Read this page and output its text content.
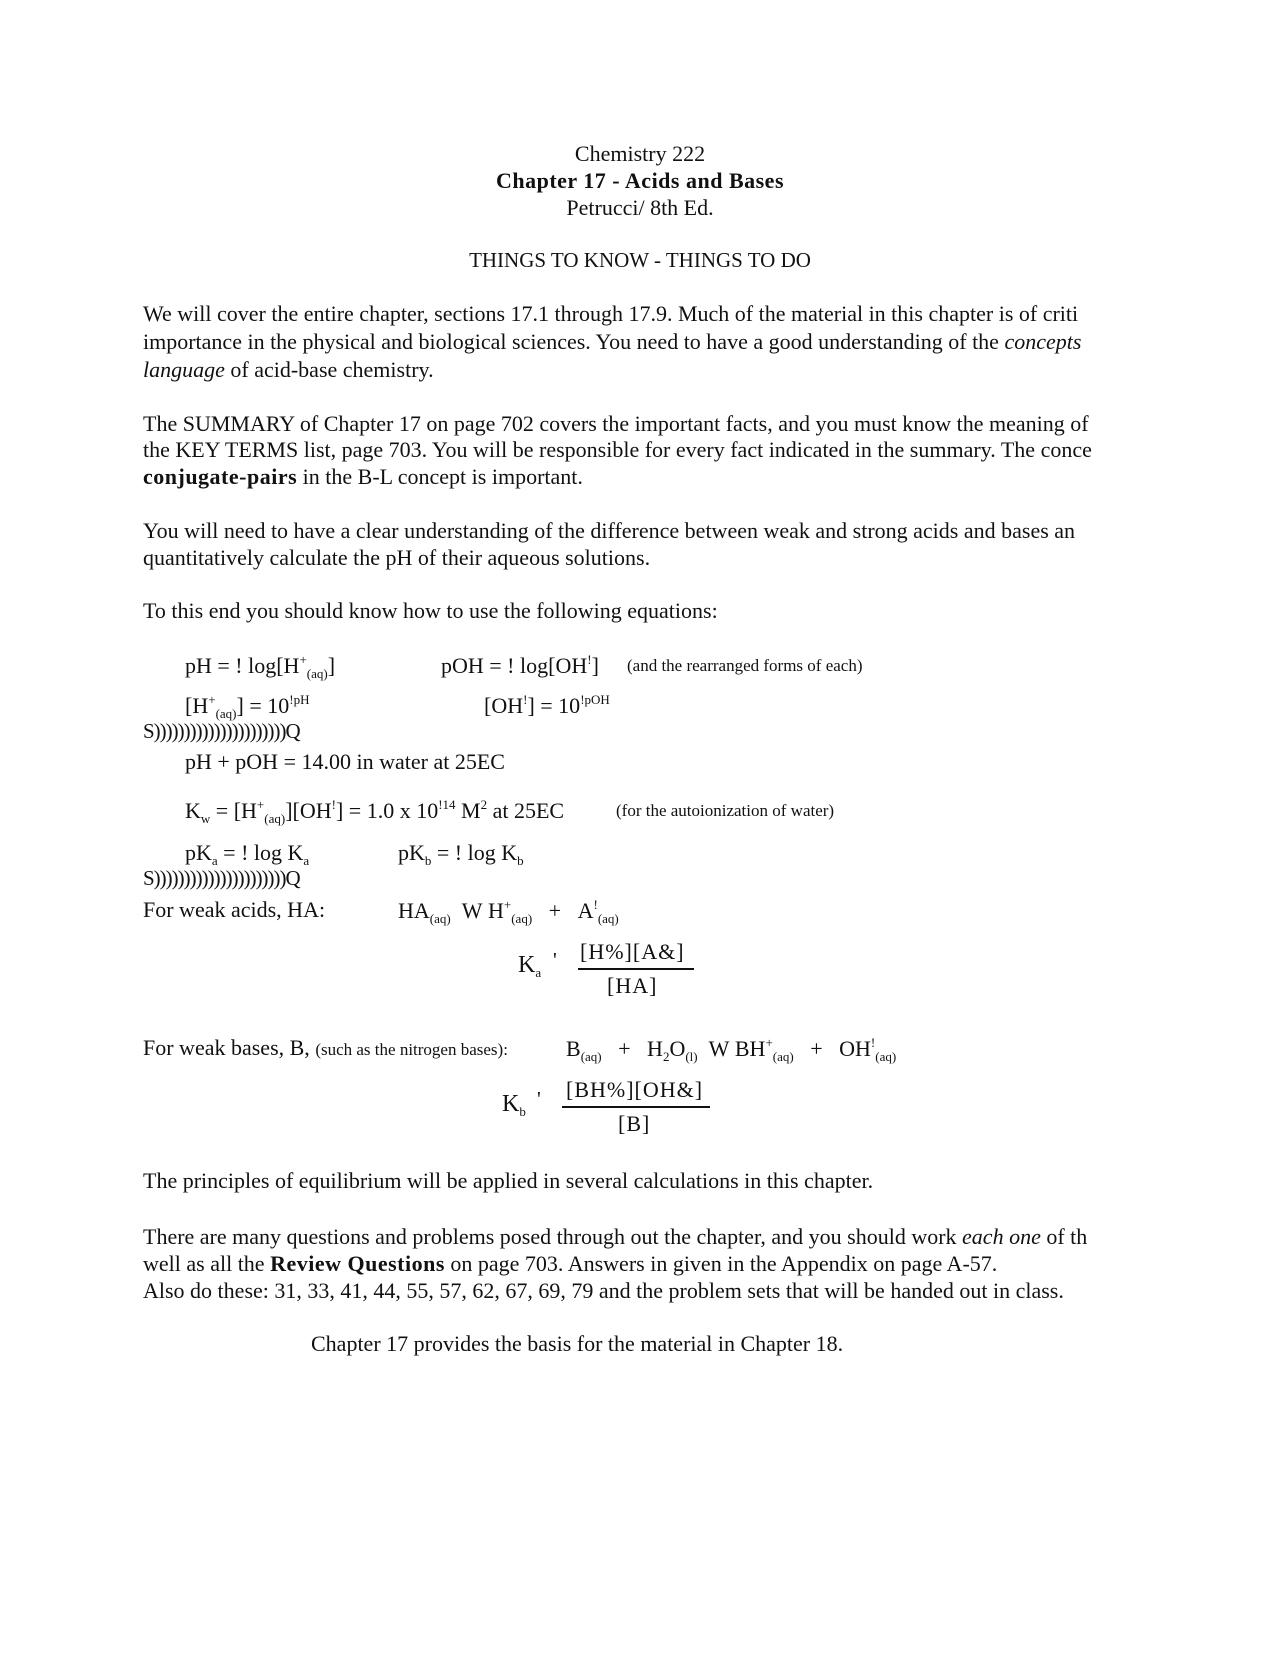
Chemistry 222
Chapter 17 - Acids and Bases
Petrucci/ 8th Ed.
THINGS TO KNOW - THINGS TO DO
We will cover the entire chapter, sections 17.1 through 17.9. Much of the material in this chapter is of criti
importance in the physical and biological sciences. You need to have a good understanding of the concepts
language of acid-base chemistry.
The SUMMARY of Chapter 17 on page 702 covers the important facts, and you must know the meaning of
the KEY TERMS list, page 703. You will be responsible for every fact indicated in the summary. The conce
conjugate-pairs in the B-L concept is important.
You will need to have a clear understanding of the difference between weak and strong acids and bases an
quantitatively calculate the pH of their aqueous solutions.
To this end you should know how to use the following equations:
pH = ! $\log[H^+_{(aq)}]$	pOH = ! log[OH!] (and the rearranged forms of each)
$[H^+_{(aq)}] = 10^{!pH}$	$[OH^!] = 10^{!pOH}$
S))))))))))))))))))))))Q
pH + pOH = 14.00 in water at 25EC
$K_w = [H^+_{(aq)}][OH^!] = 1.0$ x $10^{!14}$ $M^2$ at 25EC	(for the autoionization of water)
$pK_a$ = ! $\log K_a$	$pK_b$ = ! $\log K_b$
S))))))))))))))))))))))Q
For weak acids, HA:	$HA_{(aq)}$ W $H^+_{(aq)} + A^!_{(aq)}$
$K_a$
' [H%][A&]
[HA]
For weak bases, B, (such as the nitrogen bases):	$B_{(aq)} + H_2O_{(l)}$ W $BH^+_{(aq)} + OH^!_{(aq)}$
$K_b$
' [BH%][OH&]
[B]
The principles of equilibrium will be applied in several calculations in this chapter.
There are many questions and problems posed through out the chapter, and you should work each one of th
well as all the Review Questions on page 703. Answers in given in the Appendix on page A-57.
Also do these: 31, 33, 41, 44, 55, 57, 62, 67, 69, 79 and the problem sets that will be handed out in class.
Chapter 17 provides the basis for the material in Chapter 18.
